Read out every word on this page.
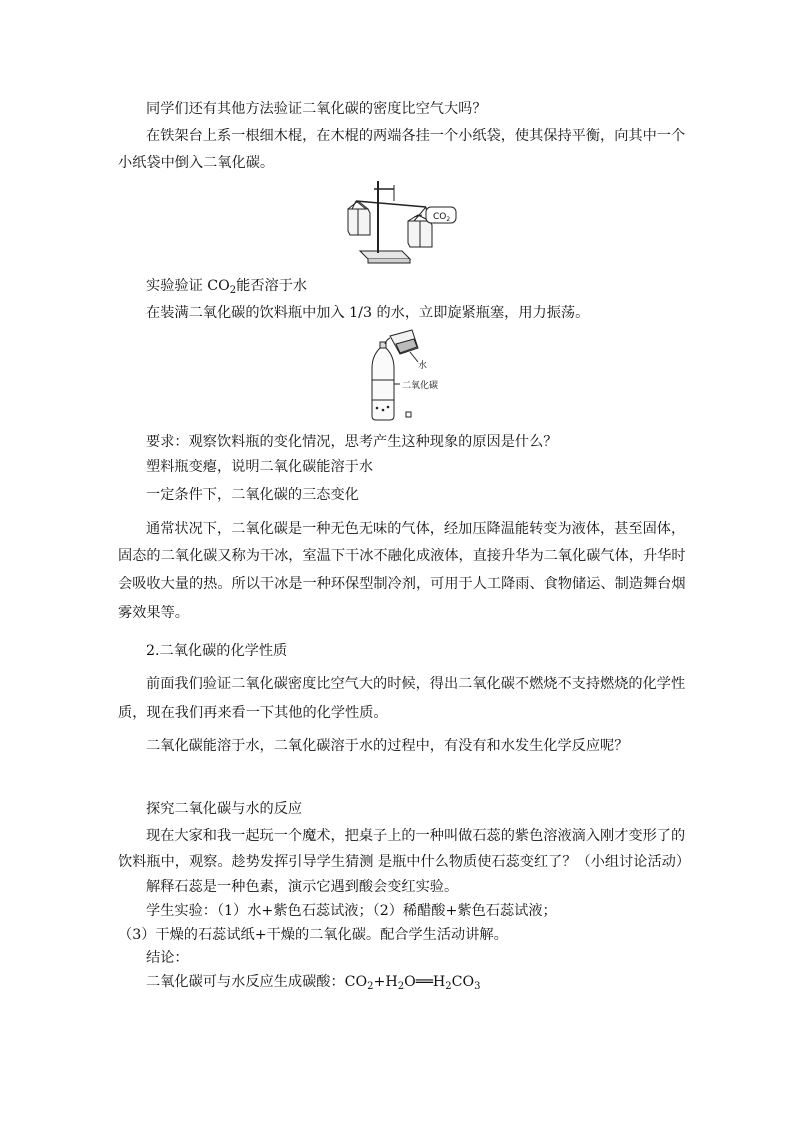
同学们还有其他方法验证二氧化碳的密度比空气大吗？
在铁架台上系一根细木棍，在木棍的两端各挂一个小纸袋，使其保持平衡，向其中一个
小纸袋中倒入二氧化碳。
$CO_2$
实验验证 $CO_2$能否溶于水
在装满二氧化碳的饮料瓶中加入 1/3 的水，立即旋紧瓶塞，用力振荡。
水
二氧化碳
要求：观察饮料瓶的变化情况，思考产生这种现象的原因是什么？
塑料瓶变瘪，说明二氧化碳能溶于水
一定条件下，二氧化碳的三态变化
通常状况下，二氧化碳是一种无色无味的气体，经加压降温能转变为液体，甚至固体，
固态的二氧化碳又称为干冰，室温下干冰不融化成液体，直接升华为二氧化碳气体，升华时
会吸收大量的热。所以干冰是一种环保型制冷剂，可用于人工降雨、食物储运、制造舞台烟
雾效果等。
2.二氧化碳的化学性质
前面我们验证二氧化碳密度比空气大的时候，得出二氧化碳不燃烧不支持燃烧的化学性
质，现在我们再来看一下其他的化学性质。
二氧化碳能溶于水，二氧化碳溶于水的过程中，有没有和水发生化学反应呢？
探究二氧化碳与水的反应
现在大家和我一起玩一个魔术，把桌子上的一种叫做石蕊的紫色溶液滴入刚才变形了的
饮料瓶中，观察。趁势发挥引导学生猜测 是瓶中什么物质使石蕊变红了？（小组讨论活动）
解释石蕊是一种色素，演示它遇到酸会变红实验。
学生实验：（1）水+紫色石蕊试液；（2）稀醋酸+紫色石蕊试液；
（3）干燥的石蕊试纸+干燥的二氧化碳。配合学生活动讲解。
结论：
二氧化碳可与水反应生成碳酸：$CO_2+H_2O══H_2CO_3$
